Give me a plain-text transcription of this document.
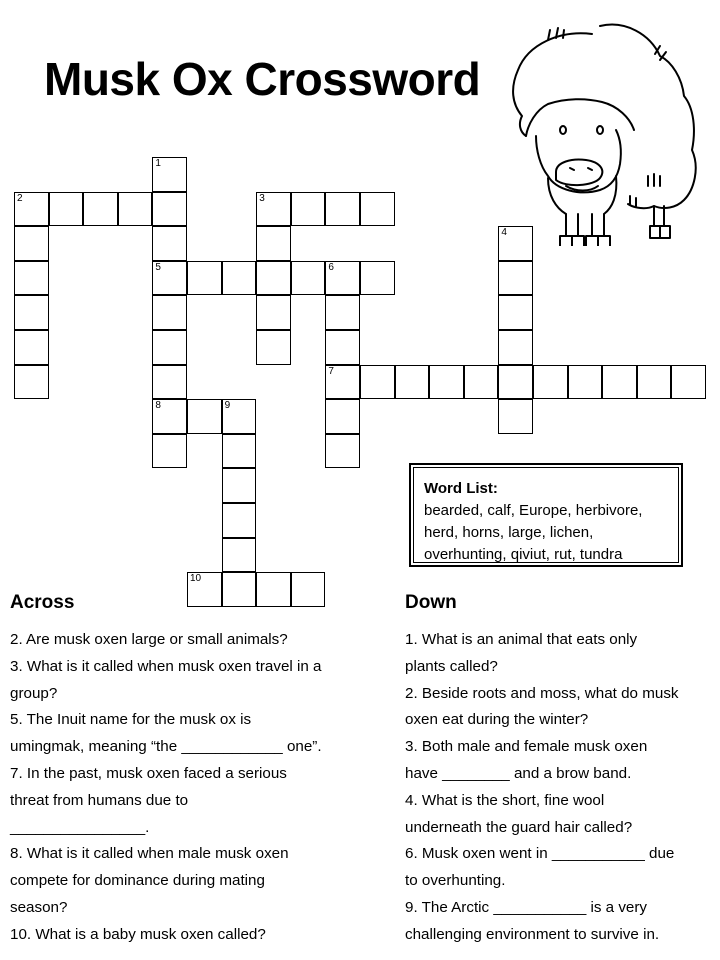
Musk Ox Crossword
1
2	3
4
5	6
7
8	9
10
Word List:
bearded, calf, Europe, herbivore,
herd, horns, large, lichen,
overhunting, qiviut, rut, tundra
Across	Down
2. Are musk oxen large or small animals?
3. What is it called when musk oxen travel in a
group?
5. The Inuit name for the musk ox is
umingmak, meaning “the ____________ one”.
7. In the past, musk oxen faced a serious
threat from humans due to
________________.
8. What is it called when male musk oxen
compete for dominance during mating
season?
10. What is a baby musk oxen called?
1. What is an animal that eats only
plants called?
2. Beside roots and moss, what do musk
oxen eat during the winter?
3. Both male and female musk oxen
have ________ and a brow band.
4. What is the short, fine wool
underneath the guard hair called?
6. Musk oxen went in ___________ due
to overhunting.
9. The Arctic ___________ is a very
challenging environment to survive in.
